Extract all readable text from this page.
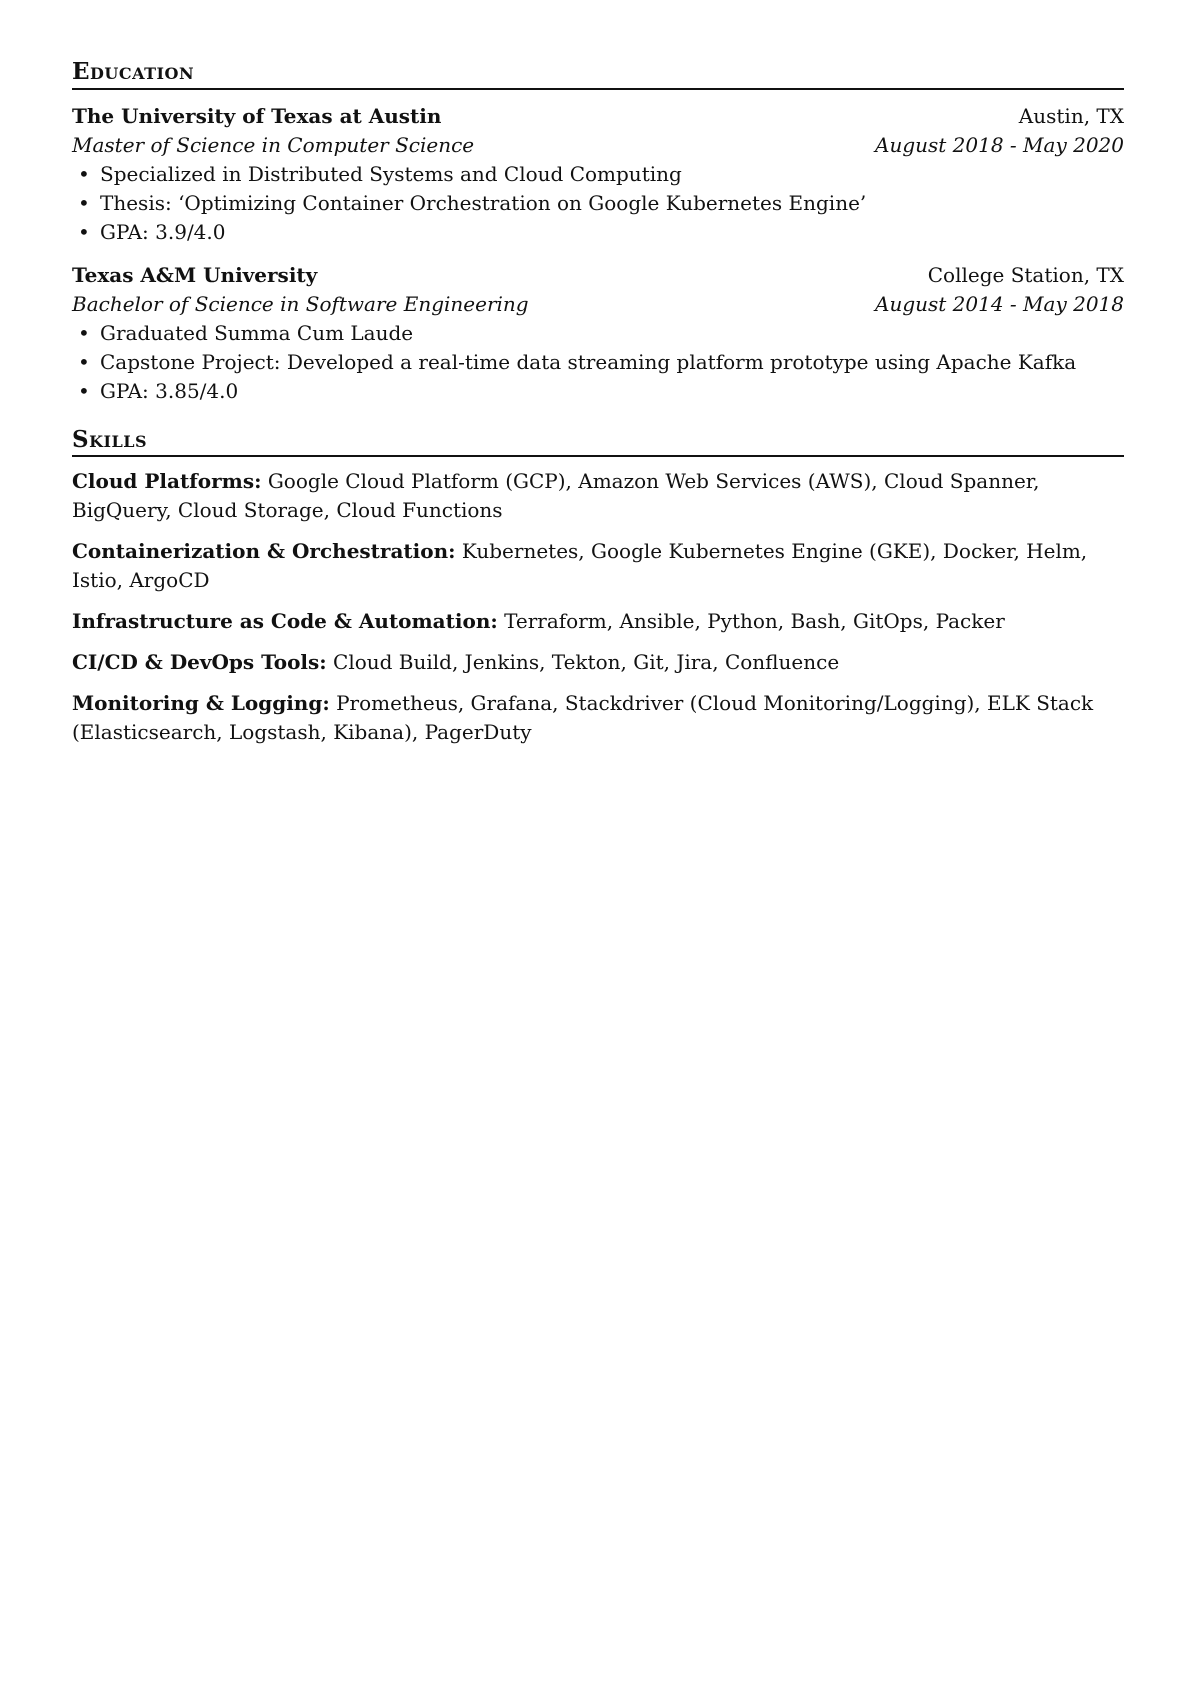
Education
The University of Texas at Austin	Austin, TX
Master of Science in Computer Science	August 2018 - May 2020
• Specialized in Distributed Systems and Cloud Computing
• Thesis: ‘Optimizing Container Orchestration on Google Kubernetes Engine’
• GPA: 3.9/4.0
Texas A&M University	College Station, TX
Bachelor of Science in Software Engineering	August 2014 - May 2018
• Graduated Summa Cum Laude
• Capstone Project: Developed a real-time data streaming platform prototype using Apache Kafka
• GPA: 3.85/4.0
Skills
Cloud Platforms: Google Cloud Platform (GCP), Amazon Web Services (AWS), Cloud Spanner, BigQuery, Cloud Storage, Cloud Functions
Containerization & Orchestration: Kubernetes, Google Kubernetes Engine (GKE), Docker, Helm, Istio, ArgoCD
Infrastructure as Code & Automation: Terraform, Ansible, Python, Bash, GitOps, Packer
CI/CD & DevOps Tools: Cloud Build, Jenkins, Tekton, Git, Jira, Confluence
Monitoring & Logging: Prometheus, Grafana, Stackdriver (Cloud Monitoring/Logging), ELK Stack (Elasticsearch, Logstash, Kibana), PagerDuty
